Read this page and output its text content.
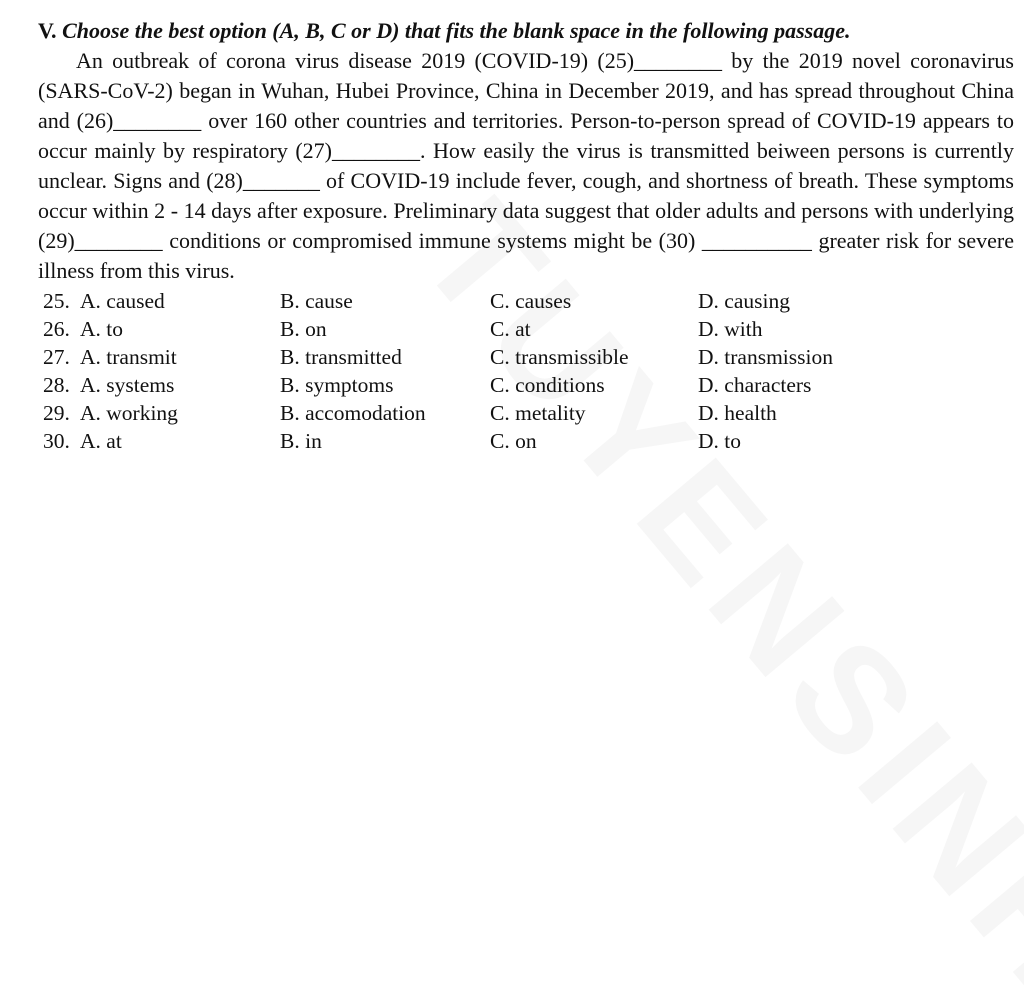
V. Choose the best option (A, B, C or D) that fits the blank space in the following passage.

An outbreak of corona virus disease 2019 (COVID-19) (25)________ by the 2019 novel coronavirus (SARS-CoV-2) began in Wuhan, Hubei Province, China in December 2019, and has spread throughout China and (26)________ over 160 other countries and territories. Person-to-person spread of COVID-19 appears to occur mainly by respiratory (27)________. How easily the virus is transmitted beiween persons is currently unclear. Signs and (28)_______ of COVID-19 include fever, cough, and shortness of breath. These symptoms occur within 2 - 14 days after exposure. Preliminary data suggest that older adults and persons with underlying (29)________ conditions or compromised immune systems might be (30) __________ greater risk for severe illness from this virus.

25. A. caused	B. cause	C. causes	D. causing
26. A. to	B. on	C. at	D. with
27. A. transmit	B. transmitted	C. transmissible	D. transmission
28. A. systems	B. symptoms	C. conditions	D. characters
29. A. working	B. accomodation	C. metality	D. health
30. A. at	B. in	C. on	D. to
